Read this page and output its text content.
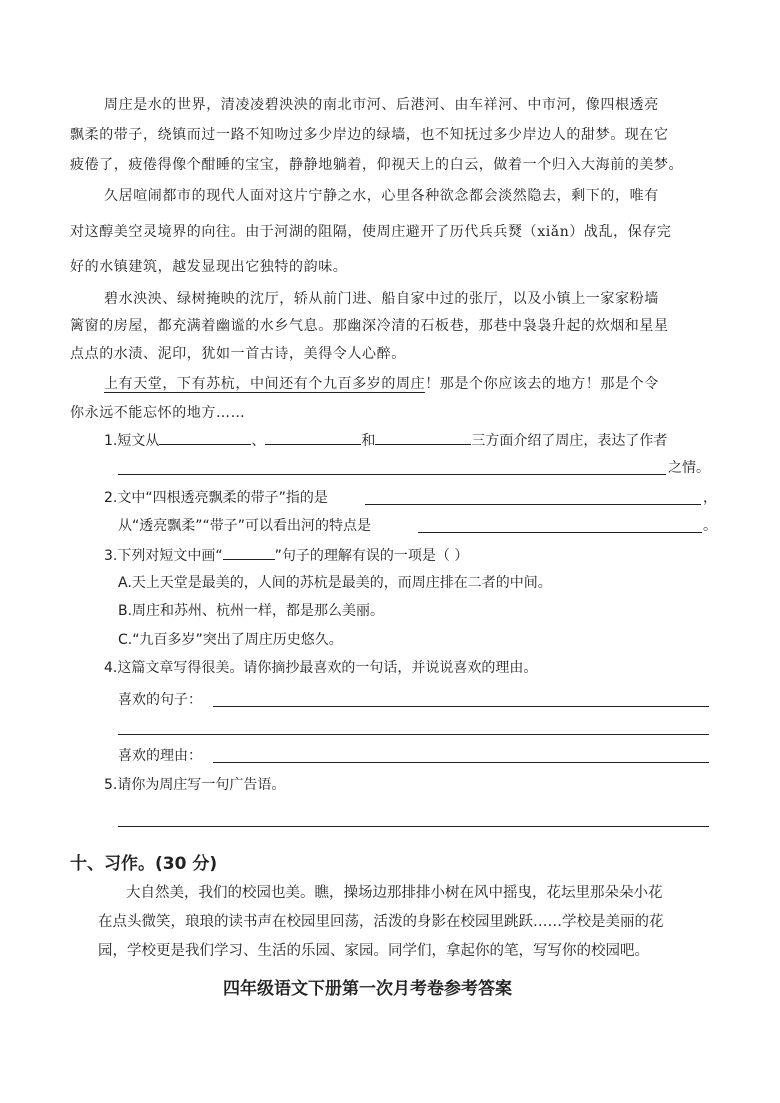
周庄是水的世界，清凌凌碧泱泱的南北市河、后港河、由车祥河、中市河，像四根透亮
飘柔的带子，绕镇而过一路不知吻过多少岸边的绿墙，也不知抚过多少岸边人的甜梦。现在它
疲倦了，疲倦得像个酣睡的宝宝，静静地躺着，仰视天上的白云，做着一个归入大海前的美梦。
久居喧闹都市的现代人面对这片宁静之水，心里各种欲念都会淡然隐去，剩下的，唯有
对这醇美空灵境界的向往。由于河湖的阻隔，使周庄避开了历代兵兵燹（xiǎn）战乱，保存完
好的水镇建筑，越发显现出它独特的韵味。
碧水泱泱、绿树掩映的沈厅，轿从前门进、船自家中过的张厅，以及小镇上一家家粉墙
篱窗的房屋，都充满着幽谧的水乡气息。那幽深冷清的石板巷，那巷中袅袅升起的炊烟和星星
点点的水渍、泥印，犹如一首古诗，美得令人心醉。
上有天堂，下有苏杭，中间还有个九百多岁的周庄！那是个你应该去的地方！那是个令
你永远不能忘怀的地方……
1.短文从	、	和	三方面介绍了周庄，表达了作者
之情。
2.文中“四根透亮飘柔的带子”指的是	，
从“透亮飘柔”“带子”可以看出河的特点是	。
3.下列对短文中画“	”句子的理解有误的一项是（ ）
A.天上天堂是最美的，人间的苏杭是最美的，而周庄排在二者的中间。
B.周庄和苏州、杭州一样，都是那么美丽。
C.“九百多岁”突出了周庄历史悠久。
4.这篇文章写得很美。请你摘抄最喜欢的一句话，并说说喜欢的理由。
喜欢的句子：
喜欢的理由：
5.请你为周庄写一句广告语。
十、习作。(30 分)
大自然美，我们的校园也美。瞧，操场边那排排小树在风中摇曳，花坛里那朵朵小花
在点头微笑，琅琅的读书声在校园里回荡，活泼的身影在校园里跳跃……学校是美丽的花
园，学校更是我们学习、生活的乐园、家园。同学们，拿起你的笔，写写你的校园吧。
四年级语文下册第一次月考卷参考答案
